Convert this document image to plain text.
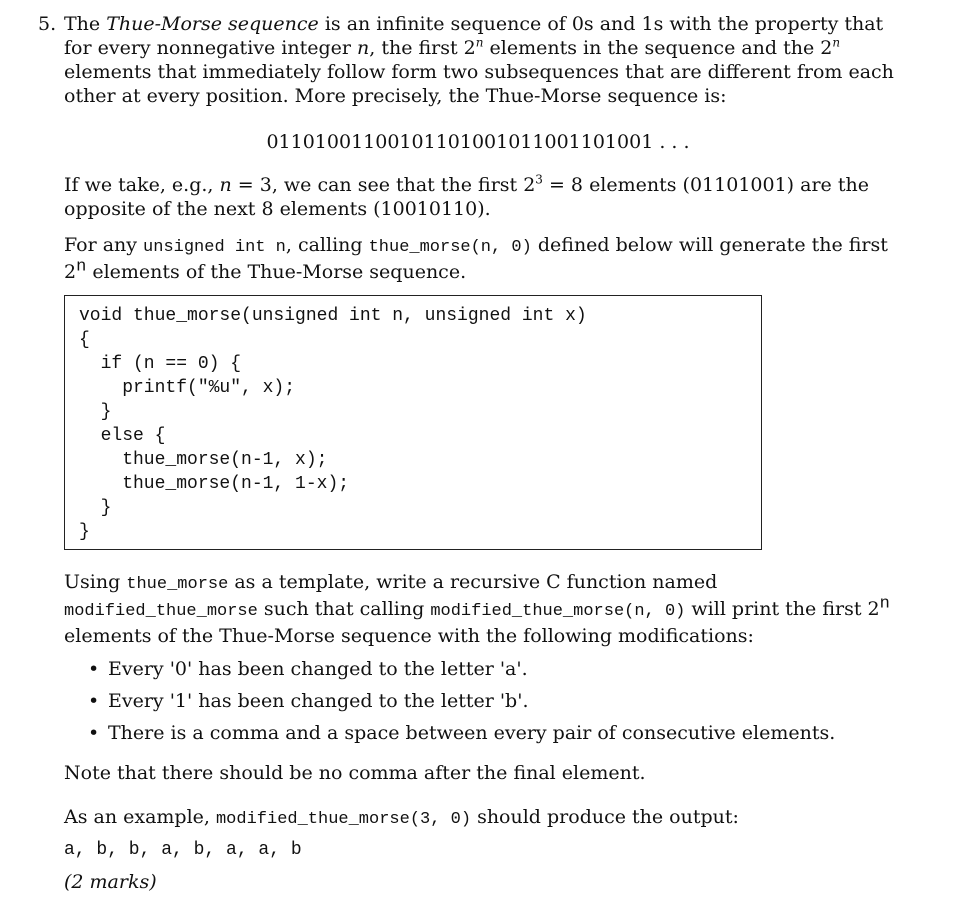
5. The Thue-Morse sequence is an infinite sequence of 0s and 1s with the property that for every nonnegative integer n, the first 2$^n$ elements in the sequence and the 2$^n$ elements that immediately follow form two subsequences that are different from each other at every position. More precisely, the Thue-Morse sequence is:
01101001100101101001011001101001 . . .
If we take, e.g., n = 3, we can see that the first $2^3 = 8$ elements (01101001) are the opposite of the next 8 elements (10010110).
For any unsigned int n, calling thue_morse(n, 0) defined below will generate the first 2$^n$ elements of the Thue-Morse sequence.
void thue_morse(unsigned int n, unsigned int x)
{
if (n == 0) {
printf("%u", x);
}
else {
thue_morse(n-1, x);
thue_morse(n-1, 1-x);
}
}
Using thue_morse as a template, write a recursive C function named modified_thue_morse such that calling modified_thue_morse(n, 0) will print the first 2$^n$ elements of the Thue-Morse sequence with the following modifications:
• Every '0' has been changed to the letter 'a'.
• Every '1' has been changed to the letter 'b'.
• There is a comma and a space between every pair of consecutive elements.
Note that there should be no comma after the final element.
As an example, modified_thue_morse(3, 0) should produce the output:
a, b, b, a, b, a, a, b
(2 marks)
